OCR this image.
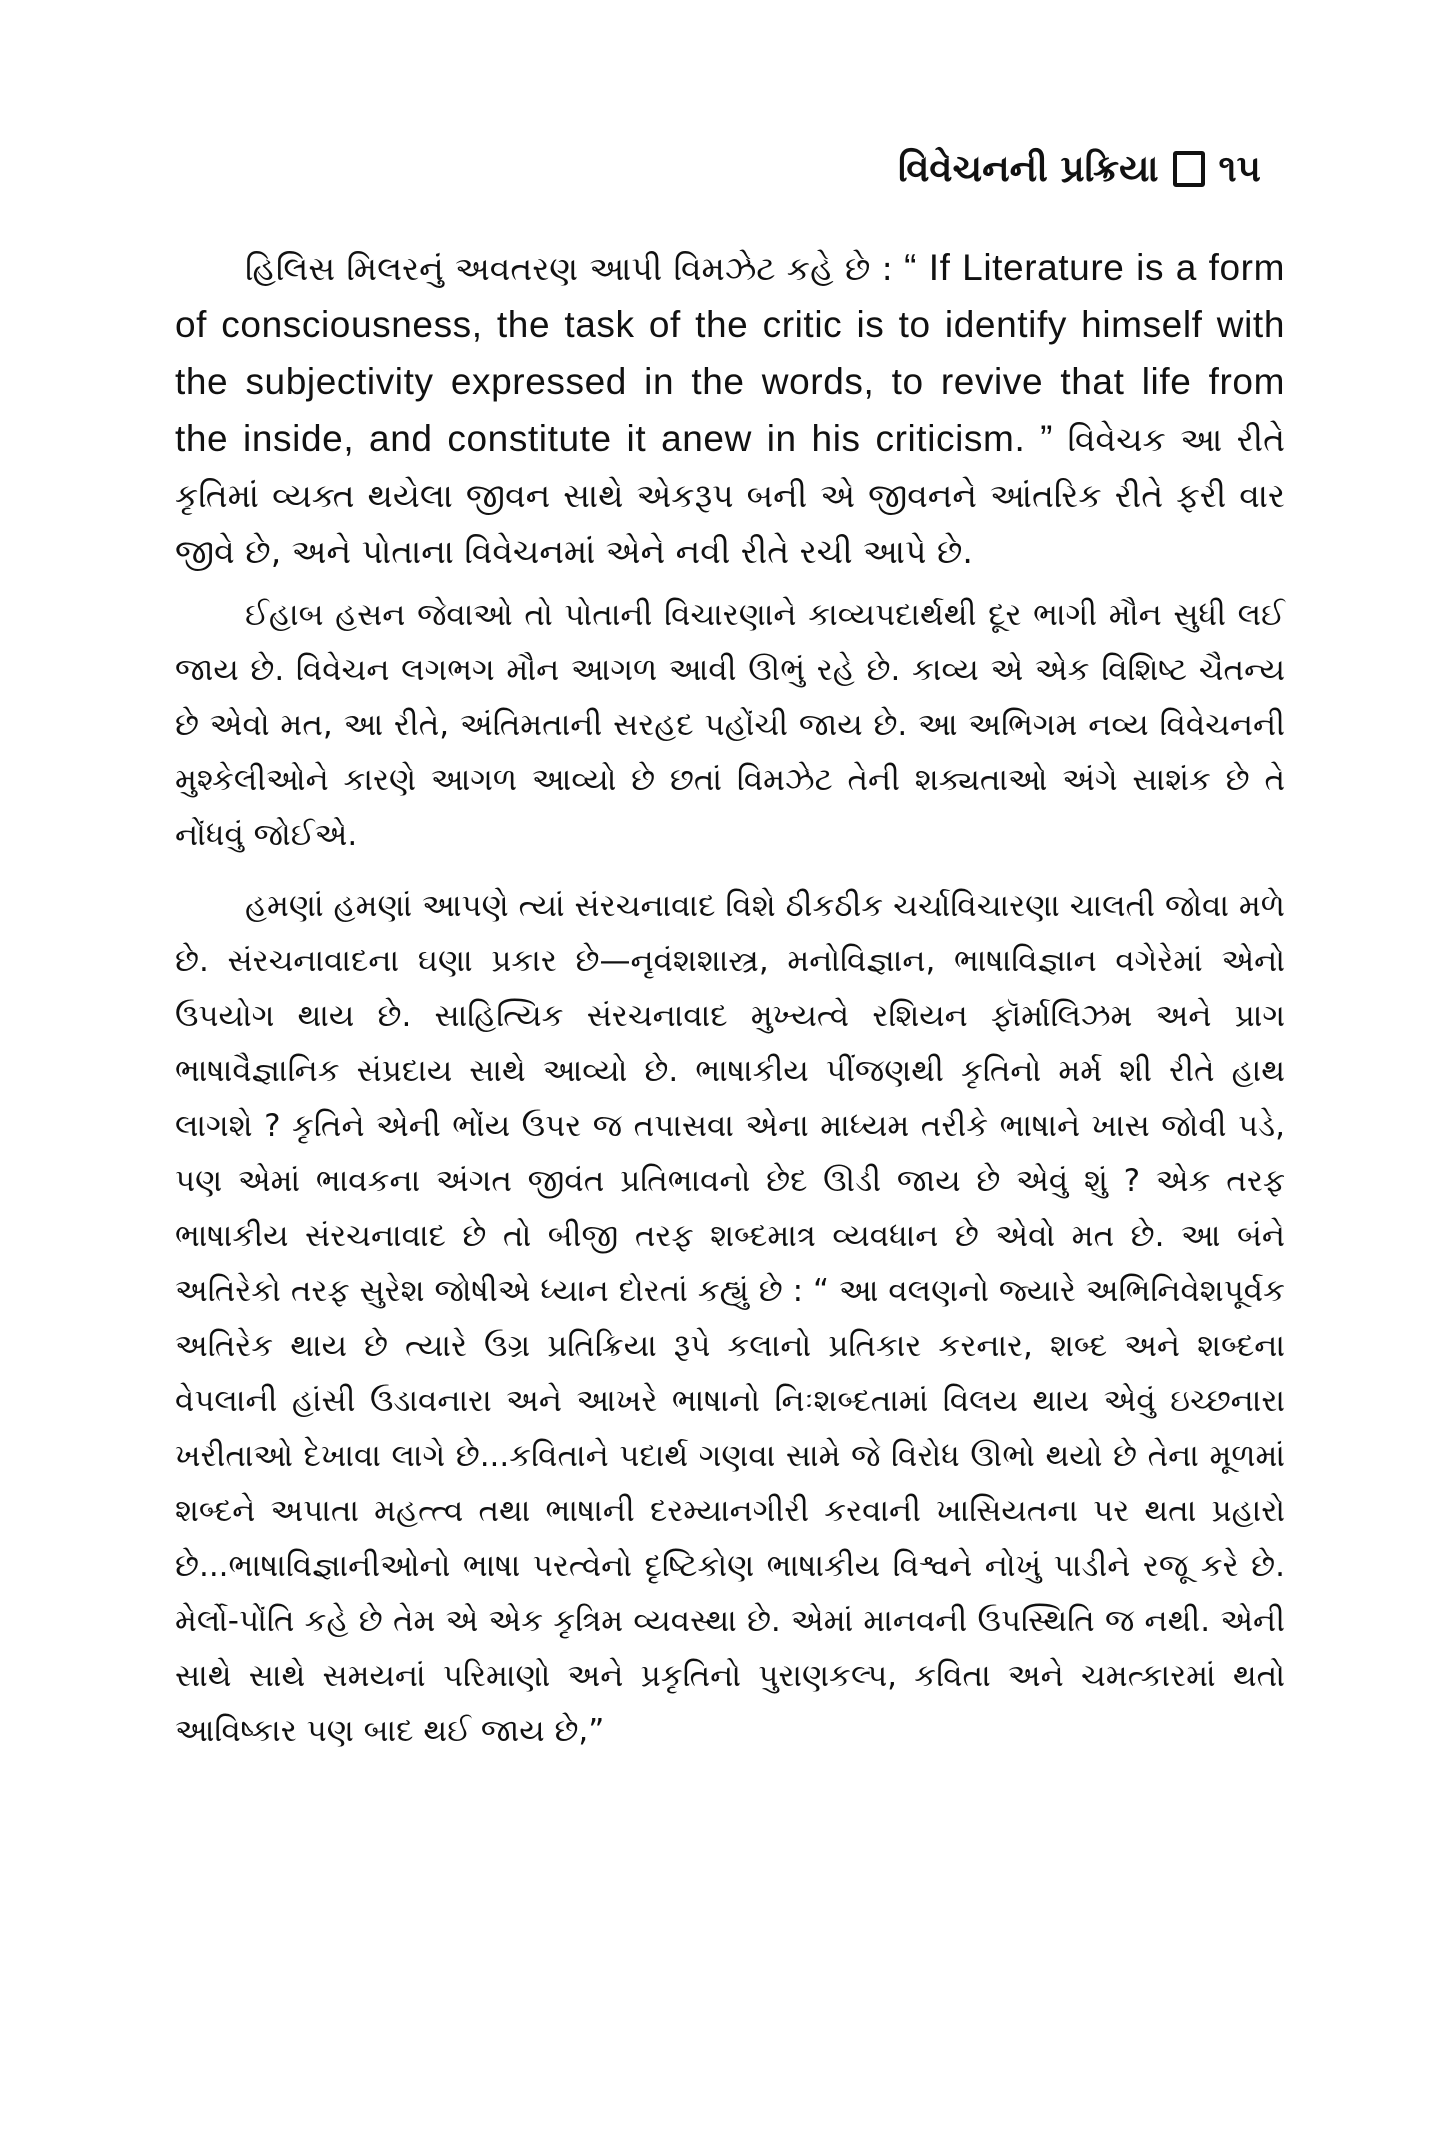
વિવેચનની પ્રક્રિયા ૧૫

હિલિસ મિલરનું અવતરણ આપી વિમઝેટ કહે છે : “ If Literature is a form of consciousness, the task of the critic is to identify himself with the subjectivity expressed in the words, to revive that life from the inside, and constitute it anew in his criticism. ” વિવેચક આ રીતે કૃતિમાં વ્યક્ત થયેલા જીવન સાથે એકરૂપ બની એ જીવનને આંતરિક રીતે ફરી વાર જીવે છે, અને પોતાના વિવેચનમાં એને નવી રીતે રચી આપે છે.

ઈહાબ હસન જેવાઓ તો પોતાની વિચારણાને કાવ્યપદાર્થથી દૂર ભાગી મૌન સુધી લઈ જાય છે. વિવેચન લગભગ મૌન આગળ આવી ઊભું રહે છે. કાવ્ય એ એક વિશિષ્ટ ચૈતન્ય છે એવો મત, આ રીતે, અંતિમતાની સરહદ પહોંચી જાય છે. આ અભિગમ નવ્ય વિવેચનની મુશ્કેલીઓને કારણે આગળ આવ્યો છે છતાં વિમઝેટ તેની શક્યતાઓ અંગે સાશંક છે તે નોંધવું જોઈએ.

હમણાં હમણાં આપણે ત્યાં સંરચનાવાદ વિશે ઠીકઠીક ચર્ચાવિચારણા ચાલતી જોવા મળે છે. સંરચનાવાદના ઘણા પ્રકાર છે—નૃવંશશાસ્ત્ર, મનોવિજ્ઞાન, ભાષાવિજ્ઞાન વગેરેમાં એનો ઉપયોગ થાય છે. સાહિત્યિક સંરચનાવાદ મુખ્યત્વે રશિયન ફૉર્માલિઝમ અને પ્રાગ ભાષાવૈજ્ઞાનિક સંપ્રદાય સાથે આવ્યો છે. ભાષાકીય પીંજણથી કૃતિનો મર્મ શી રીતે હાથ લાગશે ? કૃતિને એની ભોંય ઉપર જ તપાસવા એના માધ્યમ તરીકે ભાષાને ખાસ જોવી પડે, પણ એમાં ભાવકના અંગત જીવંત પ્રતિભાવનો છેદ ઊડી જાય છે એવું શું ? એક તરફ ભાષાકીય સંરચનાવાદ છે તો બીજી તરફ શબ્દમાત્ર વ્યવધાન છે એવો મત છે. આ બંને અતિરેકો તરફ સુરેશ જોષીએ ધ્યાન દોરતાં કહ્યું છે : “ આ વલણનો જ્યારે અભિનિવેશપૂર્વક અતિરેક થાય છે ત્યારે ઉગ્ર પ્રતિક્રિયા રૂપે કલાનો પ્રતિકાર કરનાર, શબ્દ અને શબ્દના વેપલાની હાંસી ઉડાવનારા અને આખરે ભાષાનો નિઃશબ્દતામાં વિલય થાય એવું ઇચ્છનારા ખરીતાઓ દેખાવા લાગે છે...કવિતાને પદાર્થ ગણવા સામે જે વિરોધ ઊભો થયો છે તેના મૂળમાં શબ્દને અપાતા મહત્ત્વ તથા ભાષાની દરમ્યાનગીરી કરવાની ખાસિયતના પર થતા પ્રહારો છે...ભાષાવિજ્ઞાનીઓનો ભાષા પરત્વેનો દૃષ્ટિકોણ ભાષાકીય વિશ્વને નોખું પાડીને રજૂ કરે છે. મેર્લો-પોંતિ કહે છે તેમ એ એક કૃત્રિમ વ્યવસ્થા છે. એમાં માનવની ઉપસ્થિતિ જ નથી. એની સાથે સાથે સમયનાં પરિમાણો અને પ્રકૃતિનો પુરાણકલ્પ, કવિતા અને ચમત્કારમાં થતો આવિષ્કાર પણ બાદ થઈ જાય છે,”
